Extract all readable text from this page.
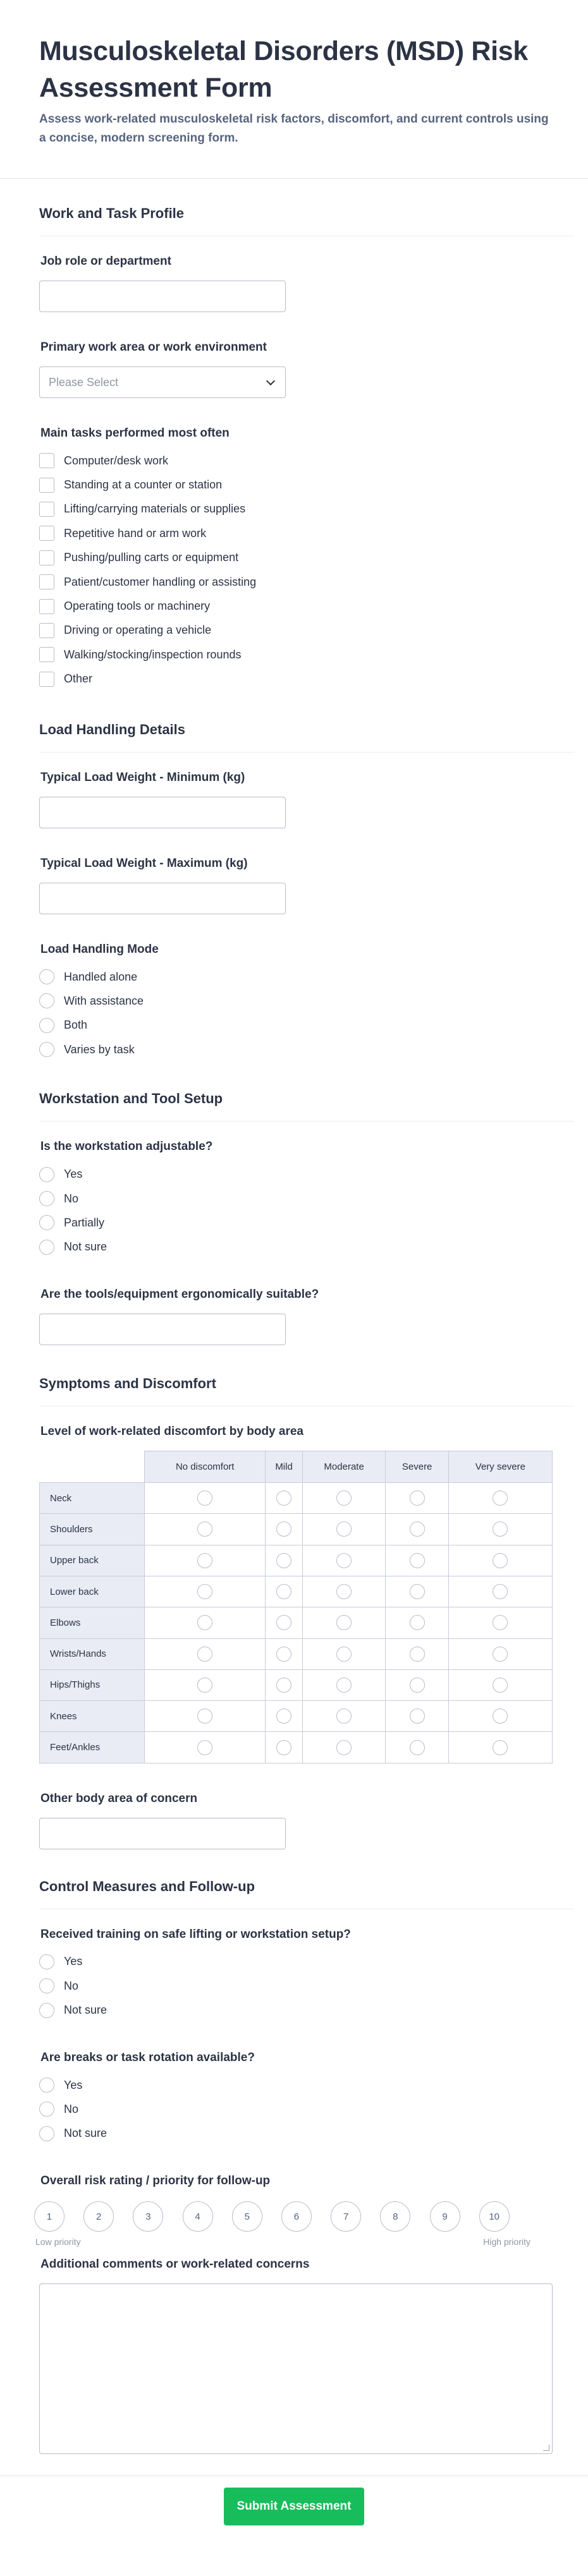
Musculoskeletal Disorders (MSD) Risk Assessment Form

Assess work-related musculoskeletal risk factors, discomfort, and current controls using a concise, modern screening form.

Work and Task Profile
Job role or department
Primary work area or work environment
Please Select
Main tasks performed most often
Computer/desk work
Standing at a counter or station
Lifting/carrying materials or supplies
Repetitive hand or arm work
Pushing/pulling carts or equipment
Patient/customer handling or assisting
Operating tools or machinery
Driving or operating a vehicle
Walking/stocking/inspection rounds
Other
Load Handling Details
Typical Load Weight - Minimum (kg)
Typical Load Weight - Maximum (kg)
Load Handling Mode
Handled alone
With assistance
Both
Varies by task
Workstation and Tool Setup
Is the workstation adjustable?
Yes
No
Partially
Not sure
Are the tools/equipment ergonomically suitable?
Symptoms and Discomfort
Level of work-related discomfort by body area
	No discomfort	Mild	Moderate	Severe	Very severe
Neck					
Shoulders					
Upper back					
Lower back					
Elbows					
Wrists/Hands					
Hips/Thighs					
Knees					
Feet/Ankles					
Other body area of concern
Control Measures and Follow-up
Received training on safe lifting or workstation setup?
Yes
No
Not sure
Are breaks or task rotation available?
Yes
No
Not sure
Overall risk rating / priority for follow-up
1	2	3	4	5	6	7	8	9	10
Low priority	High priority
Additional comments or work-related concerns
Submit Assessment
